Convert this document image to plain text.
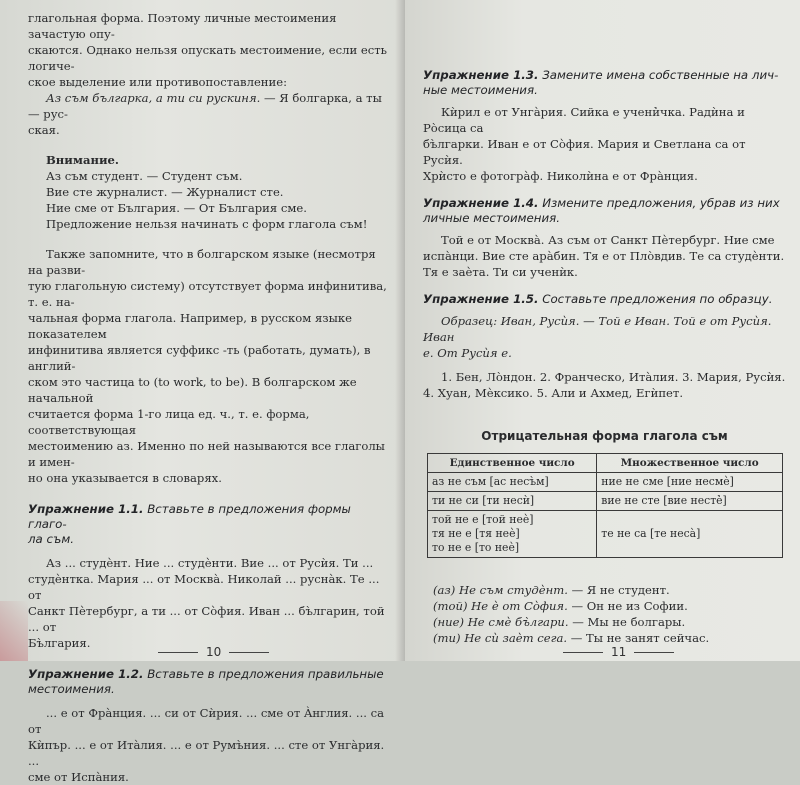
глагольная форма. Поэтому личные местоимения зачастую опу-

скаются. Однако нельзя опускать местоимение, если есть логиче-

ское выделение или противопоставление:

Аз съм българка, а ти си рускиня. — Я болгарка, а ты — рус-

ская.

Внимание.

Аз съм студент. — Студент съм.

Вие сте журналист. — Журналист сте.

Ние сме от България. — От България сме.

Предложение нельзя начинать с форм глагола съм!

Также запомните, что в болгарском языке (несмотря на разви-

тую глагольную систему) отсутствует форма инфинитива, т. е. на-

чальная форма глагола. Например, в русском языке показателем

инфинитива является суффикс -ть (работать, думать), в англий-

ском это частица to (to work, to be). В болгарском же начальной

считается форма 1-го лица ед. ч., т. е. форма, соответствующая

местоимению аз. Именно по ней называются все глаголы и имен-

но она указывается в словарях.

Упражнение 1.1. Вставьте в предложения формы глаго-

ла съм.

Аз ... студѐнт. Ние ... студѐнти. Вие ... от Русѝя. Ти ...

студѐнтка. Мария ... от Москвà. Николай ... руснàк. Те ... от

Санкт Пѐтербург, а ти ... от Сòфия. Иван ... бъ̀лгарин, той ... от

Бъ̀лгария.

Упражнение 1.2. Вставьте в предложения правильные

местоимения.

... е от Фрàнция. ... си от Сѝрия. ... сме от Àнглия. ... са от

Кѝпър. ... е от Итàлия. ... е от Румъ̀ния. ... сте от Унгàрия. ...

сме от Испàния.

10

Упражнение 1.3. Замените имена собственные на лич-

ные местоимения.

Кѝрил е от Унгàрия. Сийка е учени̇̀чка. Радѝна и Ро̀сица са

бъ̀лгарки. Иван е от Сòфия. Мария и Светлана са от Русѝя.

Хрѝсто е фотогрàф. Николѝна е от Фрàнция.

Упражнение 1.4. Измените предложения, убрав из них

личные местоимения.

Той е от Москвà. Аз съм от Санкт Пѐтербург. Ние сме

испàнци. Вие сте арàбин. Тя е от Пло̀вдив. Те са студѐнти.

Тя е заѐта. Ти си ученѝк.

Упражнение 1.5. Составьте предложения по образцу.

Образец: Иван, Русѝя. — Той е Иван. Той е от Русѝя. Иван

е. От Русѝя е.

1. Бен, Ло̀ндон. 2. Франческо, Итàлия. 3. Мария, Русѝя.

4. Хуан, Мѐксико. 5. Али и Ахмед, Егѝпет.

Отрицательная форма глагола съм
Единственное число	Множественное число
аз не съм [ас несъ̀м]	ние не сме [ние несмѐ]
ти не си [ти несѝ]	вие не сте [вие несте̇̀]

той не е [той неѐ]
тя не е [тя неѐ]
то не е [то неѐ]	те не са [те несà]

(аз) Не съм студѐнт. — Я не студент.

(той) Не ѐ от Сòфия. — Он не из Софии.

(ние) Не смѐ бъ̀лгари. — Мы не болгары.

(ти) Не сѝ заѐт сега. — Ты не занят сейчас.

11
